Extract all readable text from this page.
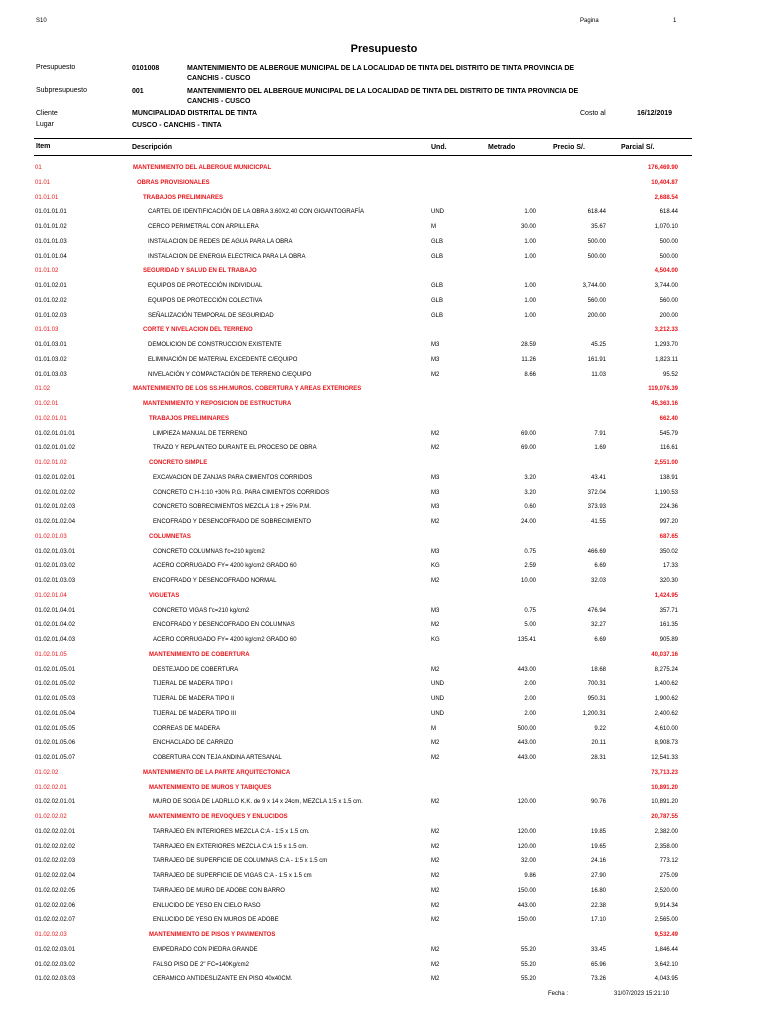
S10	Pagina	1
Presupuesto
Presupuesto	0101008	MANTENIMIENTO DE ALBERGUE MUNICIPAL DE LA LOCALIDAD DE TINTA DEL DISTRITO DE TINTA PROVINCIA DE
CANCHIS - CUSCO
Subpresupuesto	001	MANTENIMIENTO DEL ALBERGUE MUNICIPAL DE LA LOCALIDAD DE TINTA DEL DISTRITO DE TINTA PROVINCIA DE
CANCHIS - CUSCO
Cliente	MUNCIPALIDAD DISTRITAL DE TINTA	Costo al	16/12/2019
Lugar	CUSCO - CANCHIS - TINTA
Item	Descripción	Und.	Metrado	Precio S/.	Parcial S/.
01	MANTENIMIENTO DEL ALBERGUE MUNICICPAL	176,469.90
01.01	OBRAS PROVISIONALES	10,404.87
01.01.01	TRABAJOS PRELIMINARES	2,688.54
01.01.01.01	CARTEL DE IDENTIFICACIÓN DE LA OBRA 3.60X2.40 CON GIGANTOGRAFÍA	UND	1.00	618.44	618.44
01.01.01.02	CERCO PERIMETRAL CON ARPILLERA	M	30.00	35.67	1,070.10
01.01.01.03	INSTALACION DE REDES DE AGUA PARA LA OBRA	GLB	1.00	500.00	500.00
01.01.01.04	INSTALACION DE ENERGIA ELECTRICA PARA LA OBRA	GLB	1.00	500.00	500.00
01.01.02	SEGURIDAD Y SALUD EN EL TRABAJO	4,504.00
01.01.02.01	EQUIPOS DE PROTECCIÓN INDIVIDUAL	GLB	1.00	3,744.00	3,744.00
01.01.02.02	EQUIPOS DE PROTECCIÓN COLECTIVA	GLB	1.00	560.00	560.00
01.01.02.03	SEÑALIZACIÓN TEMPORAL DE SEGURIDAD	GLB	1.00	200.00	200.00
01.01.03	CORTE Y NIVELACION DEL TERRENO	3,212.33
01.01.03.01	DEMOLICION DE CONSTRUCCION EXISTENTE	M3	28.59	45.25	1,293.70
01.01.03.02	ELIMINACIÓN DE MATERIAL EXCEDENTE C/EQUIPO	M3	11.26	161.91	1,823.11
01.01.03.03	NIVELACIÓN Y COMPACTACIÓN DE TERRENO C/EQUIPO	M2	8.66	11.03	95.52
01.02	MANTENIMIENTO DE LOS SS.HH.MUROS. COBERTURA Y AREAS EXTERIORES	119,076.39
01.02.01	MANTENIMIENTO Y REPOSICION DE ESTRUCTURA	45,363.16
01.02.01.01	TRABAJOS PRELIMINARES	662.40
01.02.01.01.01	LIMPIEZA MANUAL DE TERRENO	M2	69.00	7.91	545.79
01.02.01.01.02	TRAZO Y REPLANTEO DURANTE EL PROCESO DE OBRA	M2	69.00	1.69	116.61
01.02.01.02	CONCRETO SIMPLE	2,551.00
01.02.01.02.01	EXCAVACION DE ZANJAS PARA CIMIENTOS CORRIDOS	M3	3.20	43.41	138.91
01.02.01.02.02	CONCRETO C:H-1:10 +30% P.G. PARA CIMIENTOS CORRIDOS	M3	3.20	372.04	1,190.53
01.02.01.02.03	CONCRETO SOBRECIMIENTOS MEZCLA 1:8 + 25% P.M.	M3	0.60	373.93	224.36
01.02.01.02.04	ENCOFRADO Y DESENCOFRADO DE SOBRECIMIENTO	M2	24.00	41.55	997.20
01.02.01.03	COLUMNETAS	687.65
01.02.01.03.01	CONCRETO COLUMNAS f'c=210 kg/cm2	M3	0.75	466.69	350.02
01.02.01.03.02	ACERO CORRUGADO FY= 4200 kg/cm2 GRADO 60	KG	2.59	6.69	17.33
01.02.01.03.03	ENCOFRADO Y DESENCOFRADO NORMAL	M2	10.00	32.03	320.30
01.02.01.04	VIGUETAS	1,424.95
01.02.01.04.01	CONCRETO VIGAS f'c=210 kg/cm2	M3	0.75	476.94	357.71
01.02.01.04.02	ENCOFRADO Y DESENCOFRADO EN COLUMNAS	M2	5.00	32.27	161.35
01.02.01.04.03	ACERO CORRUGADO FY= 4200 kg/cm2 GRADO 60	KG	135.41	6.69	905.89
01.02.01.05	MANTENIMIENTO DE COBERTURA	40,037.16
01.02.01.05.01	DESTEJADO DE COBERTURA	M2	443.00	18.68	8,275.24
01.02.01.05.02	TIJERAL DE MADERA TIPO I	UND	2.00	700.31	1,400.62
01.02.01.05.03	TIJERAL DE MADERA TIPO II	UND	2.00	950.31	1,900.62
01.02.01.05.04	TIJERAL DE MADERA TIPO III	UND	2.00	1,200.31	2,400.62
01.02.01.05.05	CORREAS DE MADERA	M	500.00	9.22	4,610.00
01.02.01.05.06	ENCHACLADO DE CARRIZO	M2	443.00	20.11	8,908.73
01.02.01.05.07	COBERTURA CON TEJA ANDINA ARTESANAL	M2	443.00	28.31	12,541.33
01.02.02	MANTENIMIENTO DE LA PARTE ARQUITECTONICA	73,713.23
01.02.02.01	MANTENIMIENTO DE MUROS Y TABIQUES	10,891.20
01.02.02.01.01	MURO DE SOGA DE LADRLLO K.K. de 9 x 14 x 24cm, MEZCLA 1:5 x 1.5 cm.	M2	120.00	90.76	10,891.20
01.02.02.02	MANTENIMIENTO DE REVOQUES Y ENLUCIDOS	20,787.55
01.02.02.02.01	TARRAJEO EN INTERIORES MEZCLA C:A - 1:5 x 1.5 cm.	M2	120.00	19.85	2,382.00
01.02.02.02.02	TARRAJEO EN EXTERIORES MEZCLA C:A 1:5 x 1.5 cm.	M2	120.00	19.65	2,358.00
01.02.02.02.03	TARRAJEO DE SUPERFICIE DE COLUMNAS C:A - 1:5 x 1.5 cm	M2	32.00	24.16	773.12
01.02.02.02.04	TARRAJEO DE SUPERFICIE DE VIGAS C:A - 1:5 x 1.5 cm	M2	9.86	27.90	275.09
01.02.02.02.05	TARRAJEO DE MURO DE ADOBE CON BARRO	M2	150.00	16.80	2,520.00
01.02.02.02.06	ENLUCIDO DE YESO EN CIELO RASO	M2	443.00	22.38	9,914.34
01.02.02.02.07	ENLUCIDO DE YESO EN MUROS DE ADOBE	M2	150.00	17.10	2,565.00
01.02.02.03	MANTENIMIENTO DE PISOS Y PAVIMENTOS	9,532.49
01.02.02.03.01	EMPEDRADO CON PIEDRA GRANDE	M2	55.20	33.45	1,846.44
01.02.02.03.02	FALSO PISO DE 2" FC=140Kg/cm2	M2	55.20	65.96	3,642.10
01.02.02.03.03	CERAMICO ANTIDESLIZANTE EN PISO 40x40CM.	M2	55.20	73.26	4,043.95
Fecha :	31/07/2023 15:21:10
